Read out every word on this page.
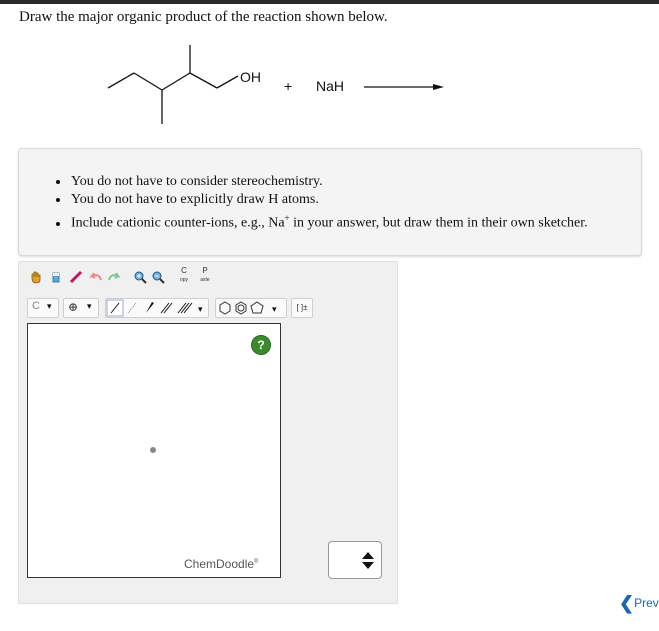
Draw the major organic product of the reaction shown below.
OH
+ NaH
• You do not have to consider stereochemistry.
• You do not have to explicitly draw H atoms.
• Include cationic counter-ions, e.g., Na+ in your answer, but draw them in their own sketcher.
C
opy
P
aste
C ▾ ⊕ ▾	▾	▾	[ ]±
?
ChemDoodle®
❮Prev
